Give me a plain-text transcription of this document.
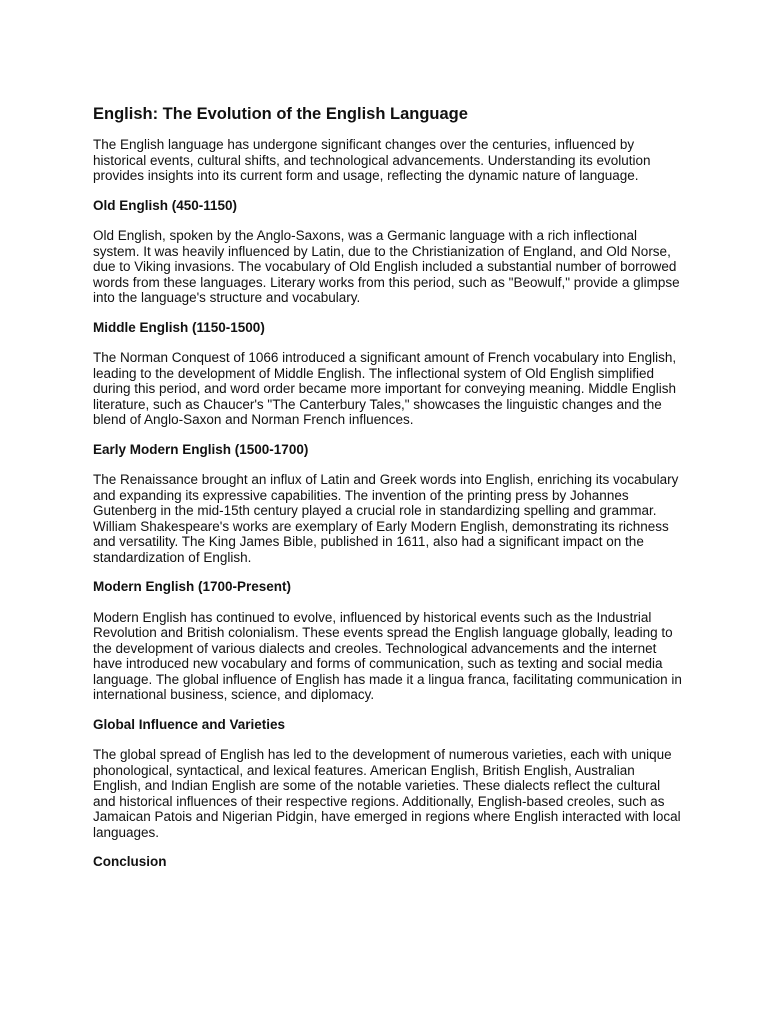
English: The Evolution of the English Language

The English language has undergone significant changes over the centuries, influenced by historical events, cultural shifts, and technological advancements. Understanding its evolution provides insights into its current form and usage, reflecting the dynamic nature of language.

Old English (450-1150)

Old English, spoken by the Anglo-Saxons, was a Germanic language with a rich inflectional system. It was heavily influenced by Latin, due to the Christianization of England, and Old Norse, due to Viking invasions. The vocabulary of Old English included a substantial number of borrowed words from these languages. Literary works from this period, such as "Beowulf," provide a glimpse into the language's structure and vocabulary.

Middle English (1150-1500)

The Norman Conquest of 1066 introduced a significant amount of French vocabulary into English, leading to the development of Middle English. The inflectional system of Old English simplified during this period, and word order became more important for conveying meaning. Middle English literature, such as Chaucer's "The Canterbury Tales," showcases the linguistic changes and the blend of Anglo-Saxon and Norman French influences.

Early Modern English (1500-1700)

The Renaissance brought an influx of Latin and Greek words into English, enriching its vocabulary and expanding its expressive capabilities. The invention of the printing press by Johannes Gutenberg in the mid-15th century played a crucial role in standardizing spelling and grammar. William Shakespeare's works are exemplary of Early Modern English, demonstrating its richness and versatility. The King James Bible, published in 1611, also had a significant impact on the standardization of English.

Modern English (1700-Present)

Modern English has continued to evolve, influenced by historical events such as the Industrial Revolution and British colonialism. These events spread the English language globally, leading to the development of various dialects and creoles. Technological advancements and the internet have introduced new vocabulary and forms of communication, such as texting and social media language. The global influence of English has made it a lingua franca, facilitating communication in international business, science, and diplomacy.

Global Influence and Varieties

The global spread of English has led to the development of numerous varieties, each with unique phonological, syntactical, and lexical features. American English, British English, Australian English, and Indian English are some of the notable varieties. These dialects reflect the cultural and historical influences of their respective regions. Additionally, English-based creoles, such as Jamaican Patois and Nigerian Pidgin, have emerged in regions where English interacted with local languages.

Conclusion
